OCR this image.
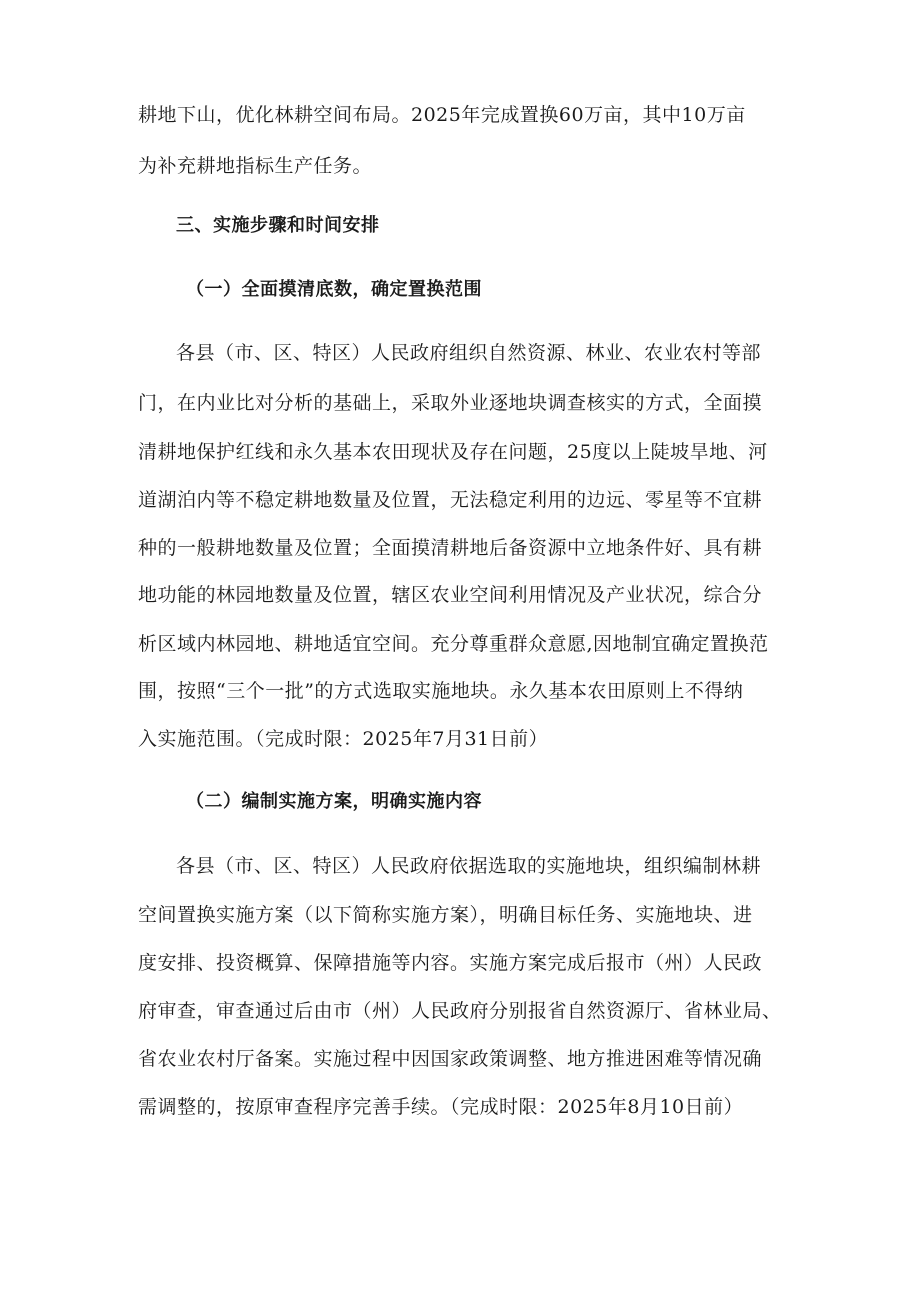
耕地下山，优化林耕空间布局。2025年完成置换60万亩，其中10万亩
为补充耕地指标生产任务。
三、实施步骤和时间安排
（一）全面摸清底数，确定置换范围
各县（市、区、特区）人民政府组织自然资源、林业、农业农村等部
门，在内业比对分析的基础上，采取外业逐地块调查核实的方式，全面摸
清耕地保护红线和永久基本农田现状及存在问题，25度以上陡坡旱地、河
道湖泊内等不稳定耕地数量及位置，无法稳定利用的边远、零星等不宜耕
种的一般耕地数量及位置；全面摸清耕地后备资源中立地条件好、具有耕
地功能的林园地数量及位置，辖区农业空间利用情况及产业状况，综合分
析区域内林园地、耕地适宜空间。充分尊重群众意愿,因地制宜确定置换范
围，按照“三个一批”的方式选取实施地块。永久基本农田原则上不得纳
入实施范围。（完成时限：2025年7月31日前）
（二）编制实施方案，明确实施内容
各县（市、区、特区）人民政府依据选取的实施地块，组织编制林耕
空间置换实施方案（以下简称实施方案），明确目标任务、实施地块、进
度安排、投资概算、保障措施等内容。实施方案完成后报市（州）人民政
府审查，审查通过后由市（州）人民政府分别报省自然资源厅、省林业局、
省农业农村厅备案。实施过程中因国家政策调整、地方推进困难等情况确
需调整的，按原审查程序完善手续。（完成时限：2025年8月10日前）
